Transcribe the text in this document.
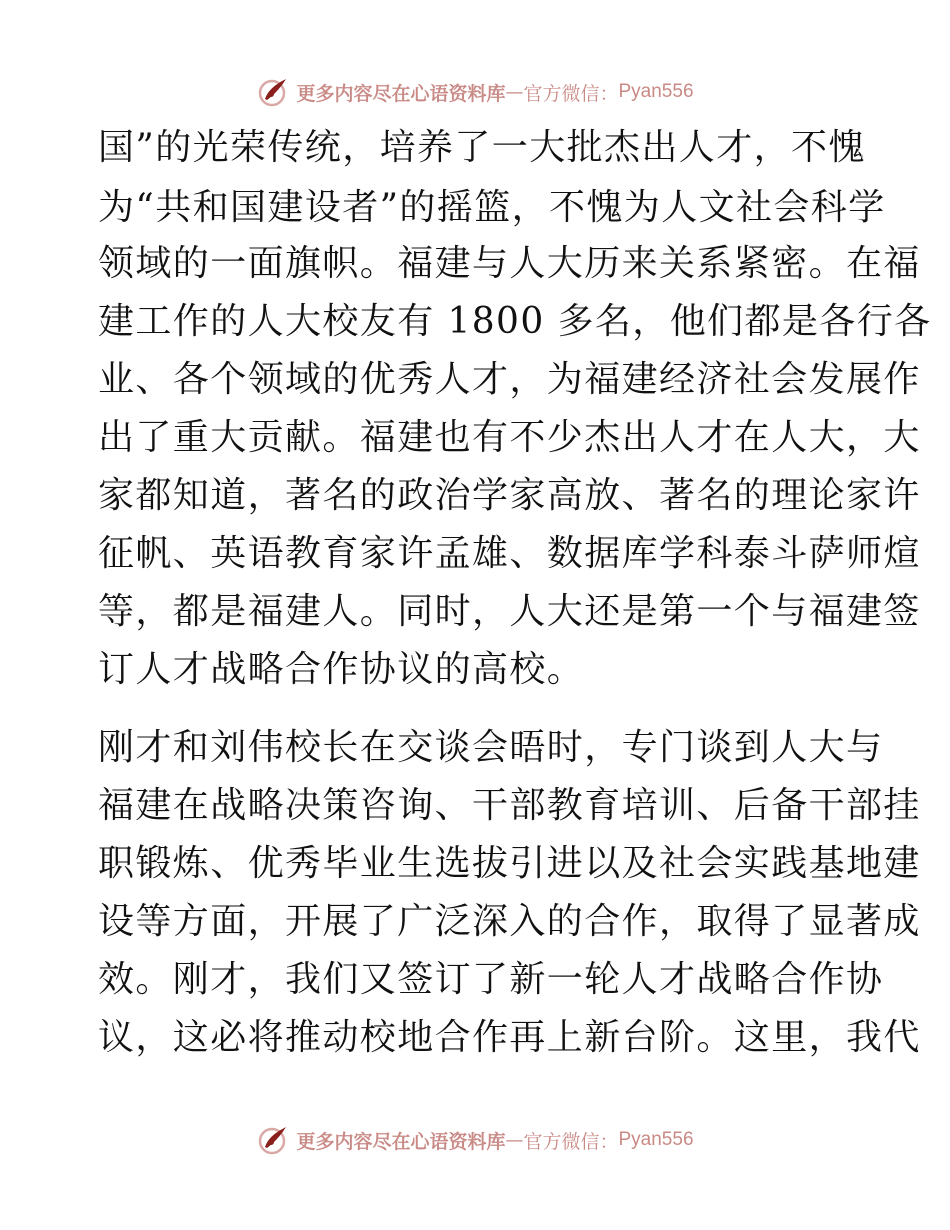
更多内容尽在心语资料库 — 官方微信： Pyan556
国”的光荣传统，培养了一大批杰出人才，不愧
为“共和国建设者”的摇篮，不愧为人文社会科学
领域的一面旗帜。福建与人大历来关系紧密。在福
建工作的人大校友有 1800 多名，他们都是各行各
业、各个领域的优秀人才，为福建经济社会发展作
出了重大贡献。福建也有不少杰出人才在人大，大
家都知道，著名的政治学家高放、著名的理论家许
征帆、英语教育家许孟雄、数据库学科泰斗萨师煊
等，都是福建人。同时，人大还是第一个与福建签
订人才战略合作协议的高校。
刚才和刘伟校长在交谈会晤时，专门谈到人大与
福建在战略决策咨询、干部教育培训、后备干部挂
职锻炼、优秀毕业生选拔引进以及社会实践基地建
设等方面，开展了广泛深入的合作，取得了显著成
效。刚才，我们又签订了新一轮人才战略合作协
议，这必将推动校地合作再上新台阶。这里，我代
更多内容尽在心语资料库 — 官方微信： Pyan556
